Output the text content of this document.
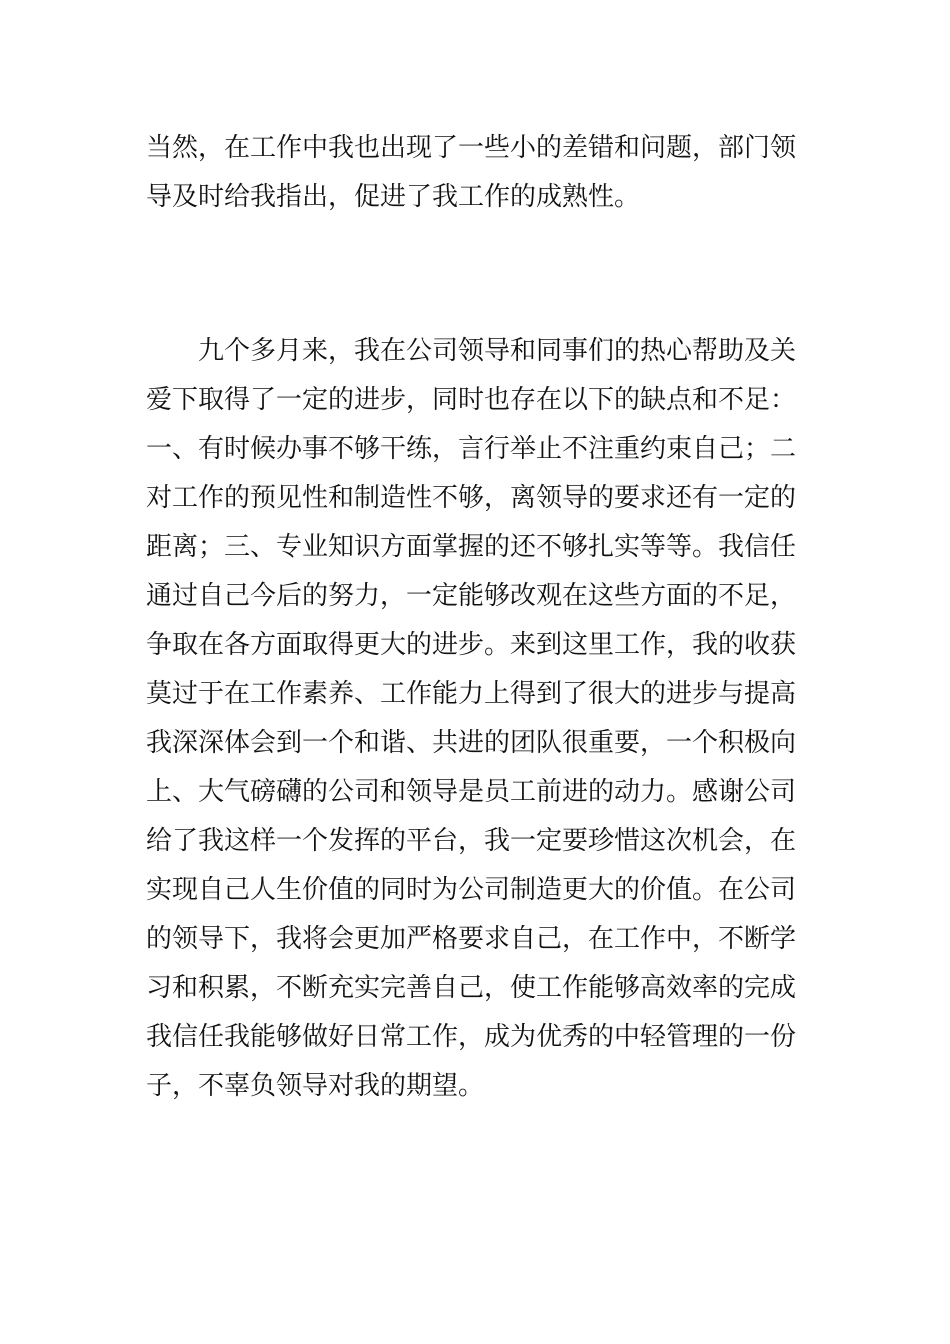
当然，在工作中我也出现了一些小的差错和问题，部门领
导及时给我指出，促进了我工作的成熟性。
九个多月来，我在公司领导和同事们的热心帮助及关
爱下取得了一定的进步，同时也存在以下的缺点和不足：
一、有时候办事不够干练，言行举止不注重约束自己；二
对工作的预见性和制造性不够，离领导的要求还有一定的
距离；三、专业知识方面掌握的还不够扎实等等。我信任
通过自己今后的努力，一定能够改观在这些方面的不足，
争取在各方面取得更大的进步。来到这里工作，我的收获
莫过于在工作素养、工作能力上得到了很大的进步与提高
我深深体会到一个和谐、共进的团队很重要，一个积极向
上、大气磅礴的公司和领导是员工前进的动力。感谢公司
给了我这样一个发挥的平台，我一定要珍惜这次机会，在
实现自己人生价值的同时为公司制造更大的价值。在公司
的领导下，我将会更加严格要求自己，在工作中，不断学
习和积累，不断充实完善自己，使工作能够高效率的完成
我信任我能够做好日常工作，成为优秀的中轻管理的一份
子，不辜负领导对我的期望。
